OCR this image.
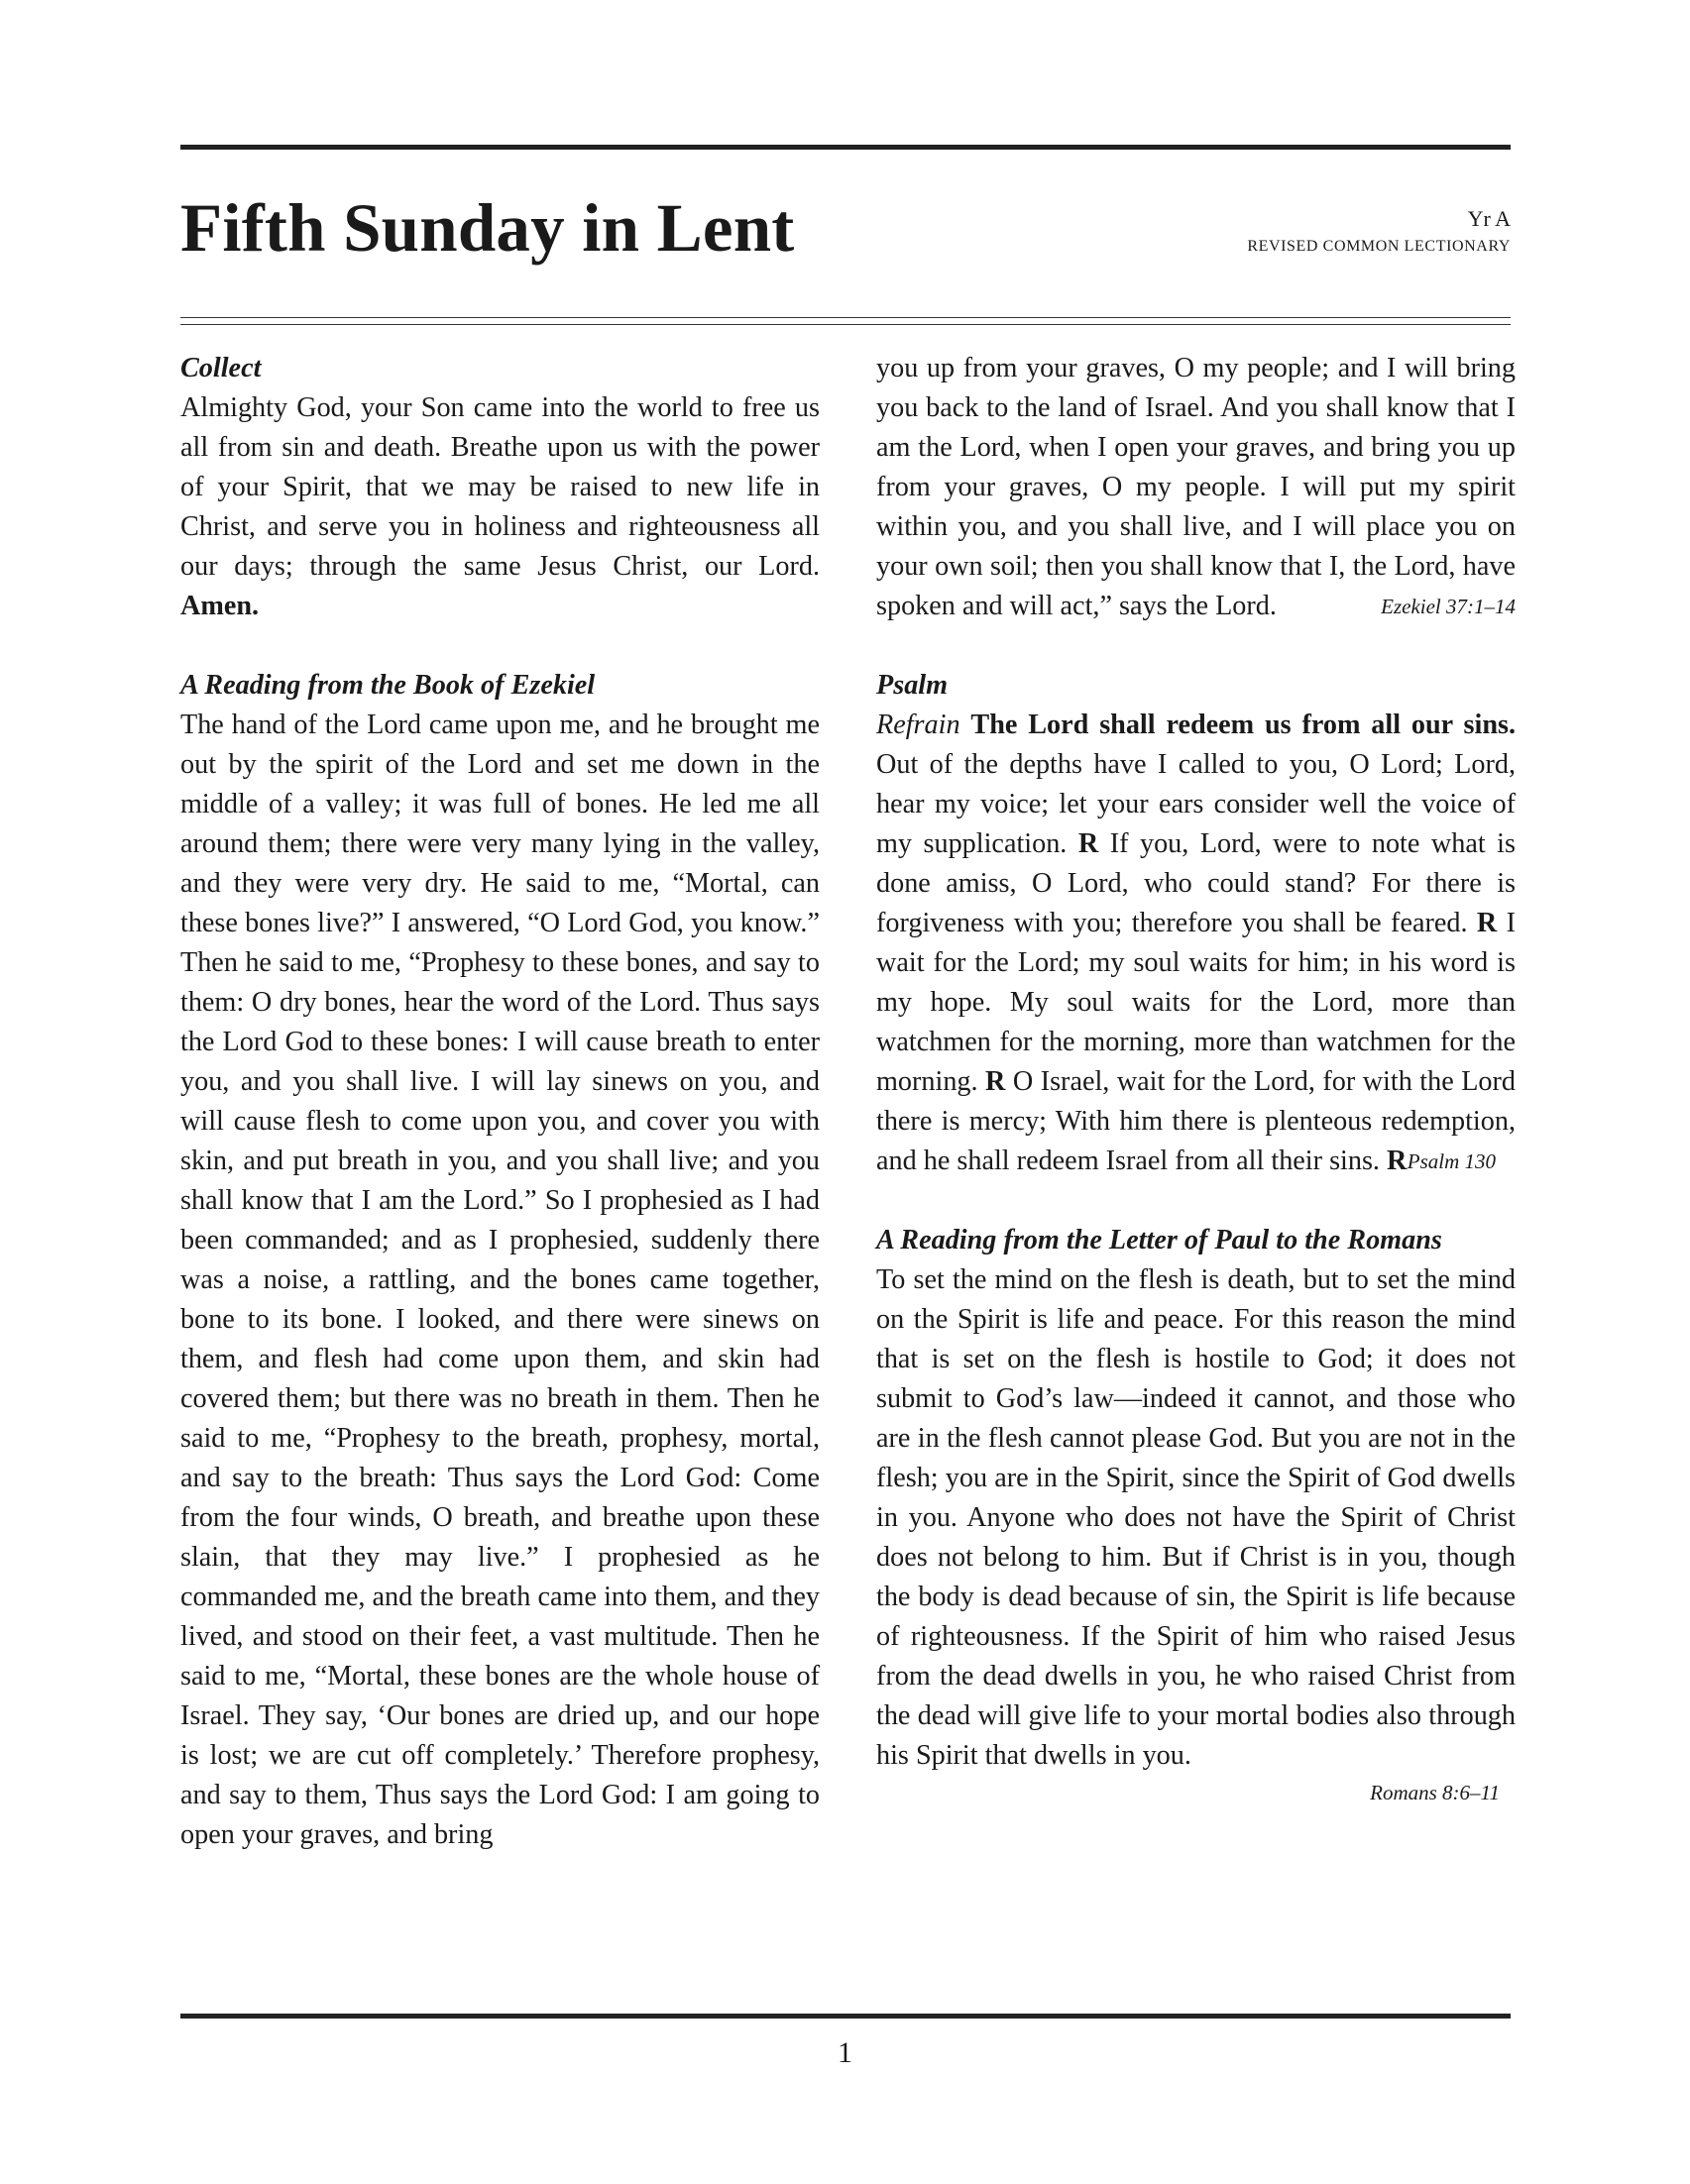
Fifth Sunday in Lent	Yr A
REVISED COMMON LECTIONARY

Collect

Almighty God, your Son came into the world to free us all from sin and death. Breathe upon us with the power of your Spirit, that we may be raised to new life in Christ, and serve you in holiness and righteousness all our days; through the same Jesus Christ, our Lord. Amen.

A Reading from the Book of Ezekiel

The hand of the Lord came upon me, and he brought me out by the spirit of the Lord and set me down in the middle of a valley; it was full of bones. He led me all around them; there were very many lying in the valley, and they were very dry. He said to me, “Mortal, can these bones live?” I answered, “O Lord God, you know.” Then he said to me, “Prophesy to these bones, and say to them: O dry bones, hear the word of the Lord. Thus says the Lord God to these bones: I will cause breath to enter you, and you shall live. I will lay sinews on you, and will cause flesh to come upon you, and cover you with skin, and put breath in you, and you shall live; and you shall know that I am the Lord.” So I prophesied as I had been commanded; and as I prophesied, suddenly there was a noise, a rattling, and the bones came together, bone to its bone. I looked, and there were sinews on them, and flesh had come upon them, and skin had covered them; but there was no breath in them. Then he said to me, “Prophesy to the breath, prophesy, mortal, and say to the breath: Thus says the Lord God: Come from the four winds, O breath, and breathe upon these slain, that they may live.” I prophesied as he commanded me, and the breath came into them, and they lived, and stood on their feet, a vast multitude. Then he said to me, “Mortal, these bones are the whole house of Israel. They say, ‘Our bones are dried up, and our hope is lost; we are cut off completely.’ Therefore prophesy, and say to them, Thus says the Lord God: I am going to open your graves, and bring

you up from your graves, O my people; and I will bring you back to the land of Israel. And you shall know that I am the Lord, when I open your graves, and bring you up from your graves, O my people. I will put my spirit within you, and you shall live, and I will place you on your own soil; then you shall know that I, the Lord, have spoken and will act,” says the Lord.	Ezekiel 37:1–14

Psalm

Refrain The Lord shall redeem us from all our sins. Out of the depths have I called to you, O Lord; Lord, hear my voice; let your ears consider well the voice of my supplication. R If you, Lord, were to note what is done amiss, O Lord, who could stand? For there is forgiveness with you; therefore you shall be feared. R I wait for the Lord; my soul waits for him; in his word is my hope. My soul waits for the Lord, more than watchmen for the morning, more than watchmen for the morning. R O Israel, wait for the Lord, for with the Lord there is mercy; With him there is plenteous redemption, and he shall redeem Israel from all their sins. R Psalm 130

A Reading from the Letter of Paul to the Romans

To set the mind on the flesh is death, but to set the mind on the Spirit is life and peace. For this reason the mind that is set on the flesh is hostile to God; it does not submit to God’s law—indeed it cannot, and those who are in the flesh cannot please God. But you are not in the flesh; you are in the Spirit, since the Spirit of God dwells in you. Anyone who does not have the Spirit of Christ does not belong to him. But if Christ is in you, though the body is dead because of sin, the Spirit is life because of righteousness. If the Spirit of him who raised Jesus from the dead dwells in you, he who raised Christ from the dead will give life to your mortal bodies also through his Spirit that dwells in you.

Romans 8:6–11
1
